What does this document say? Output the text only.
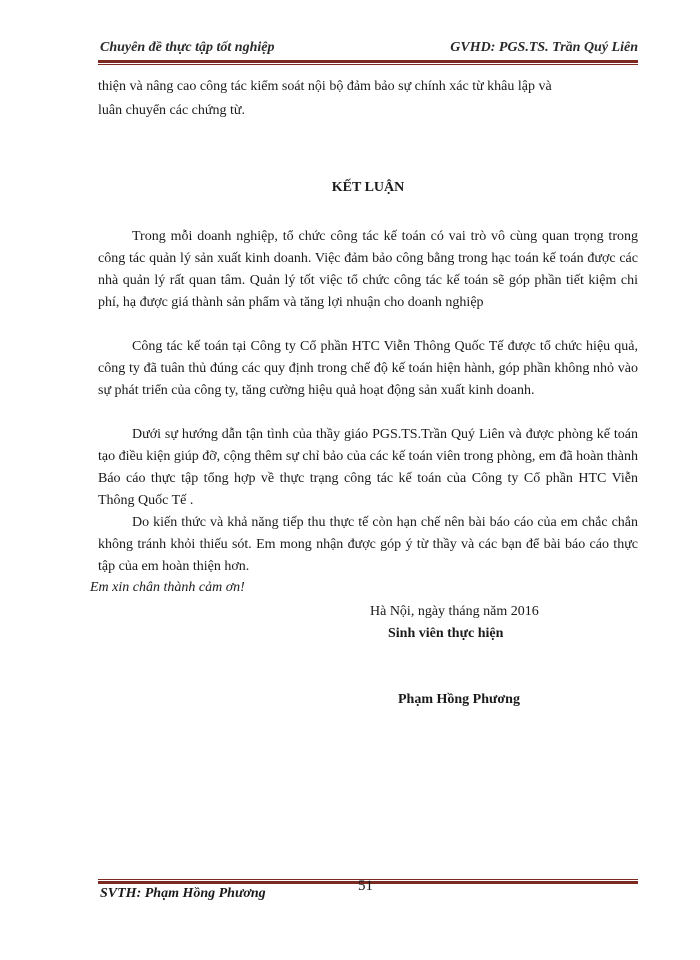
Chuyên đề thực tập tốt nghiệp	GVHD: PGS.TS. Trần Quý Liên

thiện và nâng cao công tác kiểm soát nội bộ đảm bảo sự chính xác từ khâu lập và

luân chuyển các chứng từ.

KẾT LUẬN

Trong mỗi doanh nghiệp, tổ chức công tác kế toán có vai trò vô cùng quan trọng trong công tác quản lý sản xuất kinh doanh. Việc đảm bảo công bằng trong hạc toán kế toán được các nhà quản lý rất quan tâm. Quản lý tốt việc tổ chức công tác kế toán sẽ góp phần tiết kiệm chi phí, hạ được giá thành sản phẩm và tăng lợi nhuận cho doanh nghiệp

Công tác kế toán tại Công ty Cổ phần HTC Viễn Thông Quốc Tế được tổ chức hiệu quả, công ty đã tuân thủ đúng các quy định trong chế độ kế toán hiện hành, góp phần không nhỏ vào sự phát triển của công ty, tăng cường hiệu quả hoạt động sản xuất kinh doanh.

Dưới sự hướng dẫn tận tình của thầy giáo PGS.TS.Trần Quý Liên và được phòng kế toán tạo điều kiện giúp đỡ, cộng thêm sự chỉ bảo của các kế toán viên trong phòng, em đã hoàn thành Báo cáo thực tập tổng hợp về thực trạng công tác kế toán của Công ty Cổ phần HTC Viễn Thông Quốc Tế .

Do kiến thức và khả năng tiếp thu thực tế còn hạn chế nên bài báo cáo của em chắc chắn không tránh khỏi thiếu sót. Em mong nhận được góp ý từ thầy và các bạn để bài báo cáo thực tập của em hoàn thiện hơn.

Em xin chân thành cảm ơn!
Hà Nội, ngày tháng năm 2016
Sinh viên thực hiện
Phạm Hồng Phương
SVTH: Phạm Hồng Phương	51
